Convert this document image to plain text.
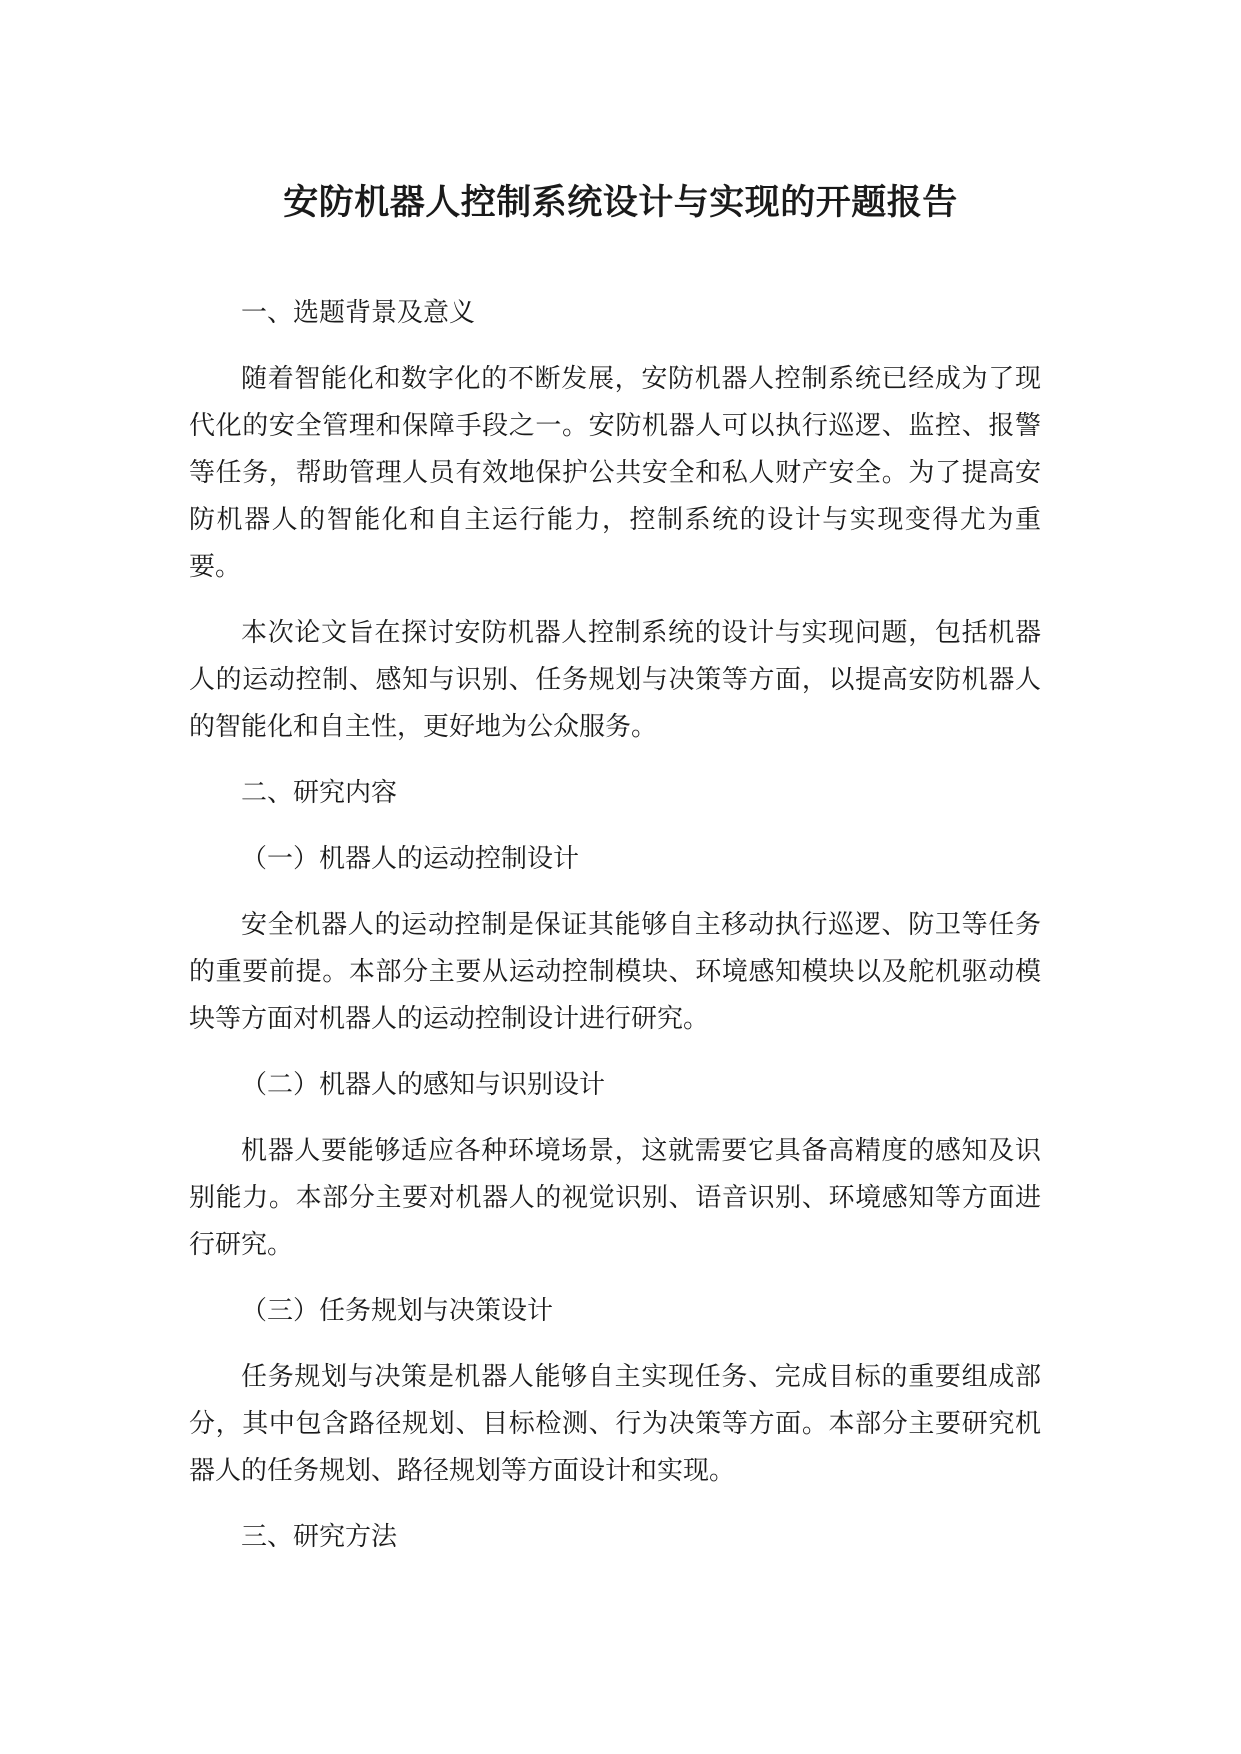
安防机器人控制系统设计与实现的开题报告

一、选题背景及意义

随着智能化和数字化的不断发展，安防机器人控制系统已经成为了现代化的安全管理和保障手段之一。安防机器人可以执行巡逻、监控、报警等任务，帮助管理人员有效地保护公共安全和私人财产安全。为了提高安防机器人的智能化和自主运行能力，控制系统的设计与实现变得尤为重要。

本次论文旨在探讨安防机器人控制系统的设计与实现问题，包括机器人的运动控制、感知与识别、任务规划与决策等方面，以提高安防机器人的智能化和自主性，更好地为公众服务。

二、研究内容

（一）机器人的运动控制设计

安全机器人的运动控制是保证其能够自主移动执行巡逻、防卫等任务的重要前提。本部分主要从运动控制模块、环境感知模块以及舵机驱动模块等方面对机器人的运动控制设计进行研究。

（二）机器人的感知与识别设计

机器人要能够适应各种环境场景，这就需要它具备高精度的感知及识别能力。本部分主要对机器人的视觉识别、语音识别、环境感知等方面进行研究。

（三）任务规划与决策设计

任务规划与决策是机器人能够自主实现任务、完成目标的重要组成部分，其中包含路径规划、目标检测、行为决策等方面。本部分主要研究机器人的任务规划、路径规划等方面设计和实现。

三、研究方法
